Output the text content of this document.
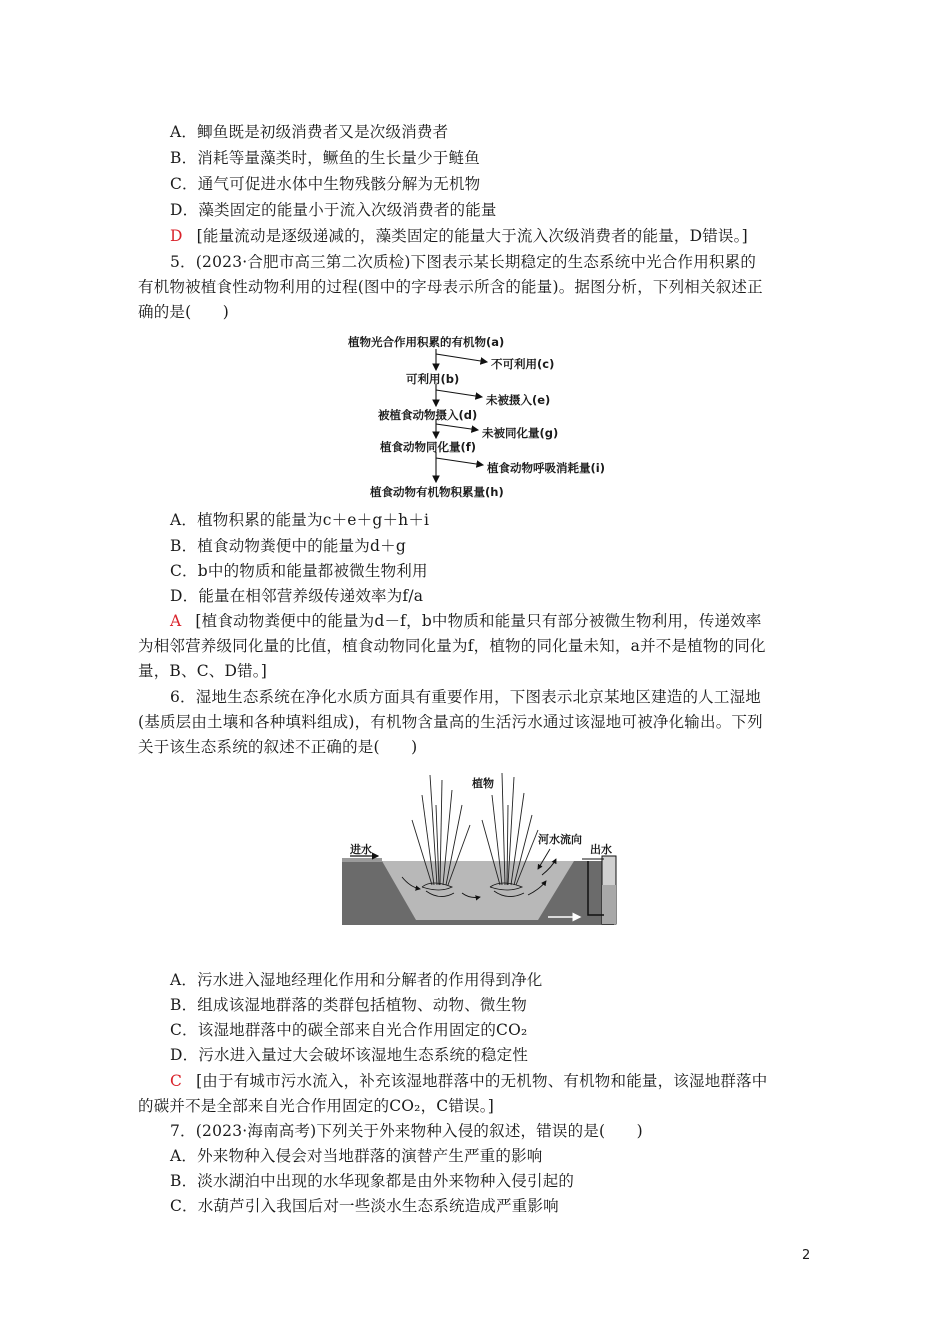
A．鲫鱼既是初级消费者又是次级消费者
B．消耗等量藻类时，鳜鱼的生长量少于鲢鱼
C．通气可促进水体中生物残骸分解为无机物
D．藻类固定的能量小于流入次级消费者的能量
D [能量流动是逐级递减的，藻类固定的能量大于流入次级消费者的能量，D错误。]
5．(2023·合肥市高三第二次质检)下图表示某长期稳定的生态系统中光合作用积累的
有机物被植食性动物利用的过程(图中的字母表示所含的能量)。据图分析，下列相关叙述正
确的是(　　)
植物光合作用积累的有机物(a)
不可利用(c)
可利用(b)
未被摄入(e)
被植食动物摄入(d)
未被同化量(g)
植食动物同化量(f)
植食动物呼吸消耗量(i)
植食动物有机物积累量(h)
A．植物积累的能量为c＋e＋g＋h＋i
B．植食动物粪便中的能量为d＋g
C．b中的物质和能量都被微生物利用
D．能量在相邻营养级传递效率为f/a
A [植食动物粪便中的能量为d－f，b中物质和能量只有部分被微生物利用，传递效率
为相邻营养级同化量的比值，植食动物同化量为f，植物的同化量未知，a并不是植物的同化
量，B、C、D错。]
6．湿地生态系统在净化水质方面具有重要作用，下图表示北京某地区建造的人工湿地
(基质层由土壤和各种填料组成)，有机物含量高的生活污水通过该湿地可被净化输出。下列
关于该生态系统的叙述不正确的是(　　)
植物
河水流向
进水	出水
A．污水进入湿地经理化作用和分解者的作用得到净化
B．组成该湿地群落的类群包括植物、动物、微生物
C．该湿地群落中的碳全部来自光合作用固定的CO₂
D．污水进入量过大会破坏该湿地生态系统的稳定性
C [由于有城市污水流入，补充该湿地群落中的无机物、有机物和能量，该湿地群落中
的碳并不是全部来自光合作用固定的CO₂，C错误。]
7．(2023·海南高考)下列关于外来物种入侵的叙述，错误的是(　　)
A．外来物种入侵会对当地群落的演替产生严重的影响
B．淡水湖泊中出现的水华现象都是由外来物种入侵引起的
C．水葫芦引入我国后对一些淡水生态系统造成严重影响
2
